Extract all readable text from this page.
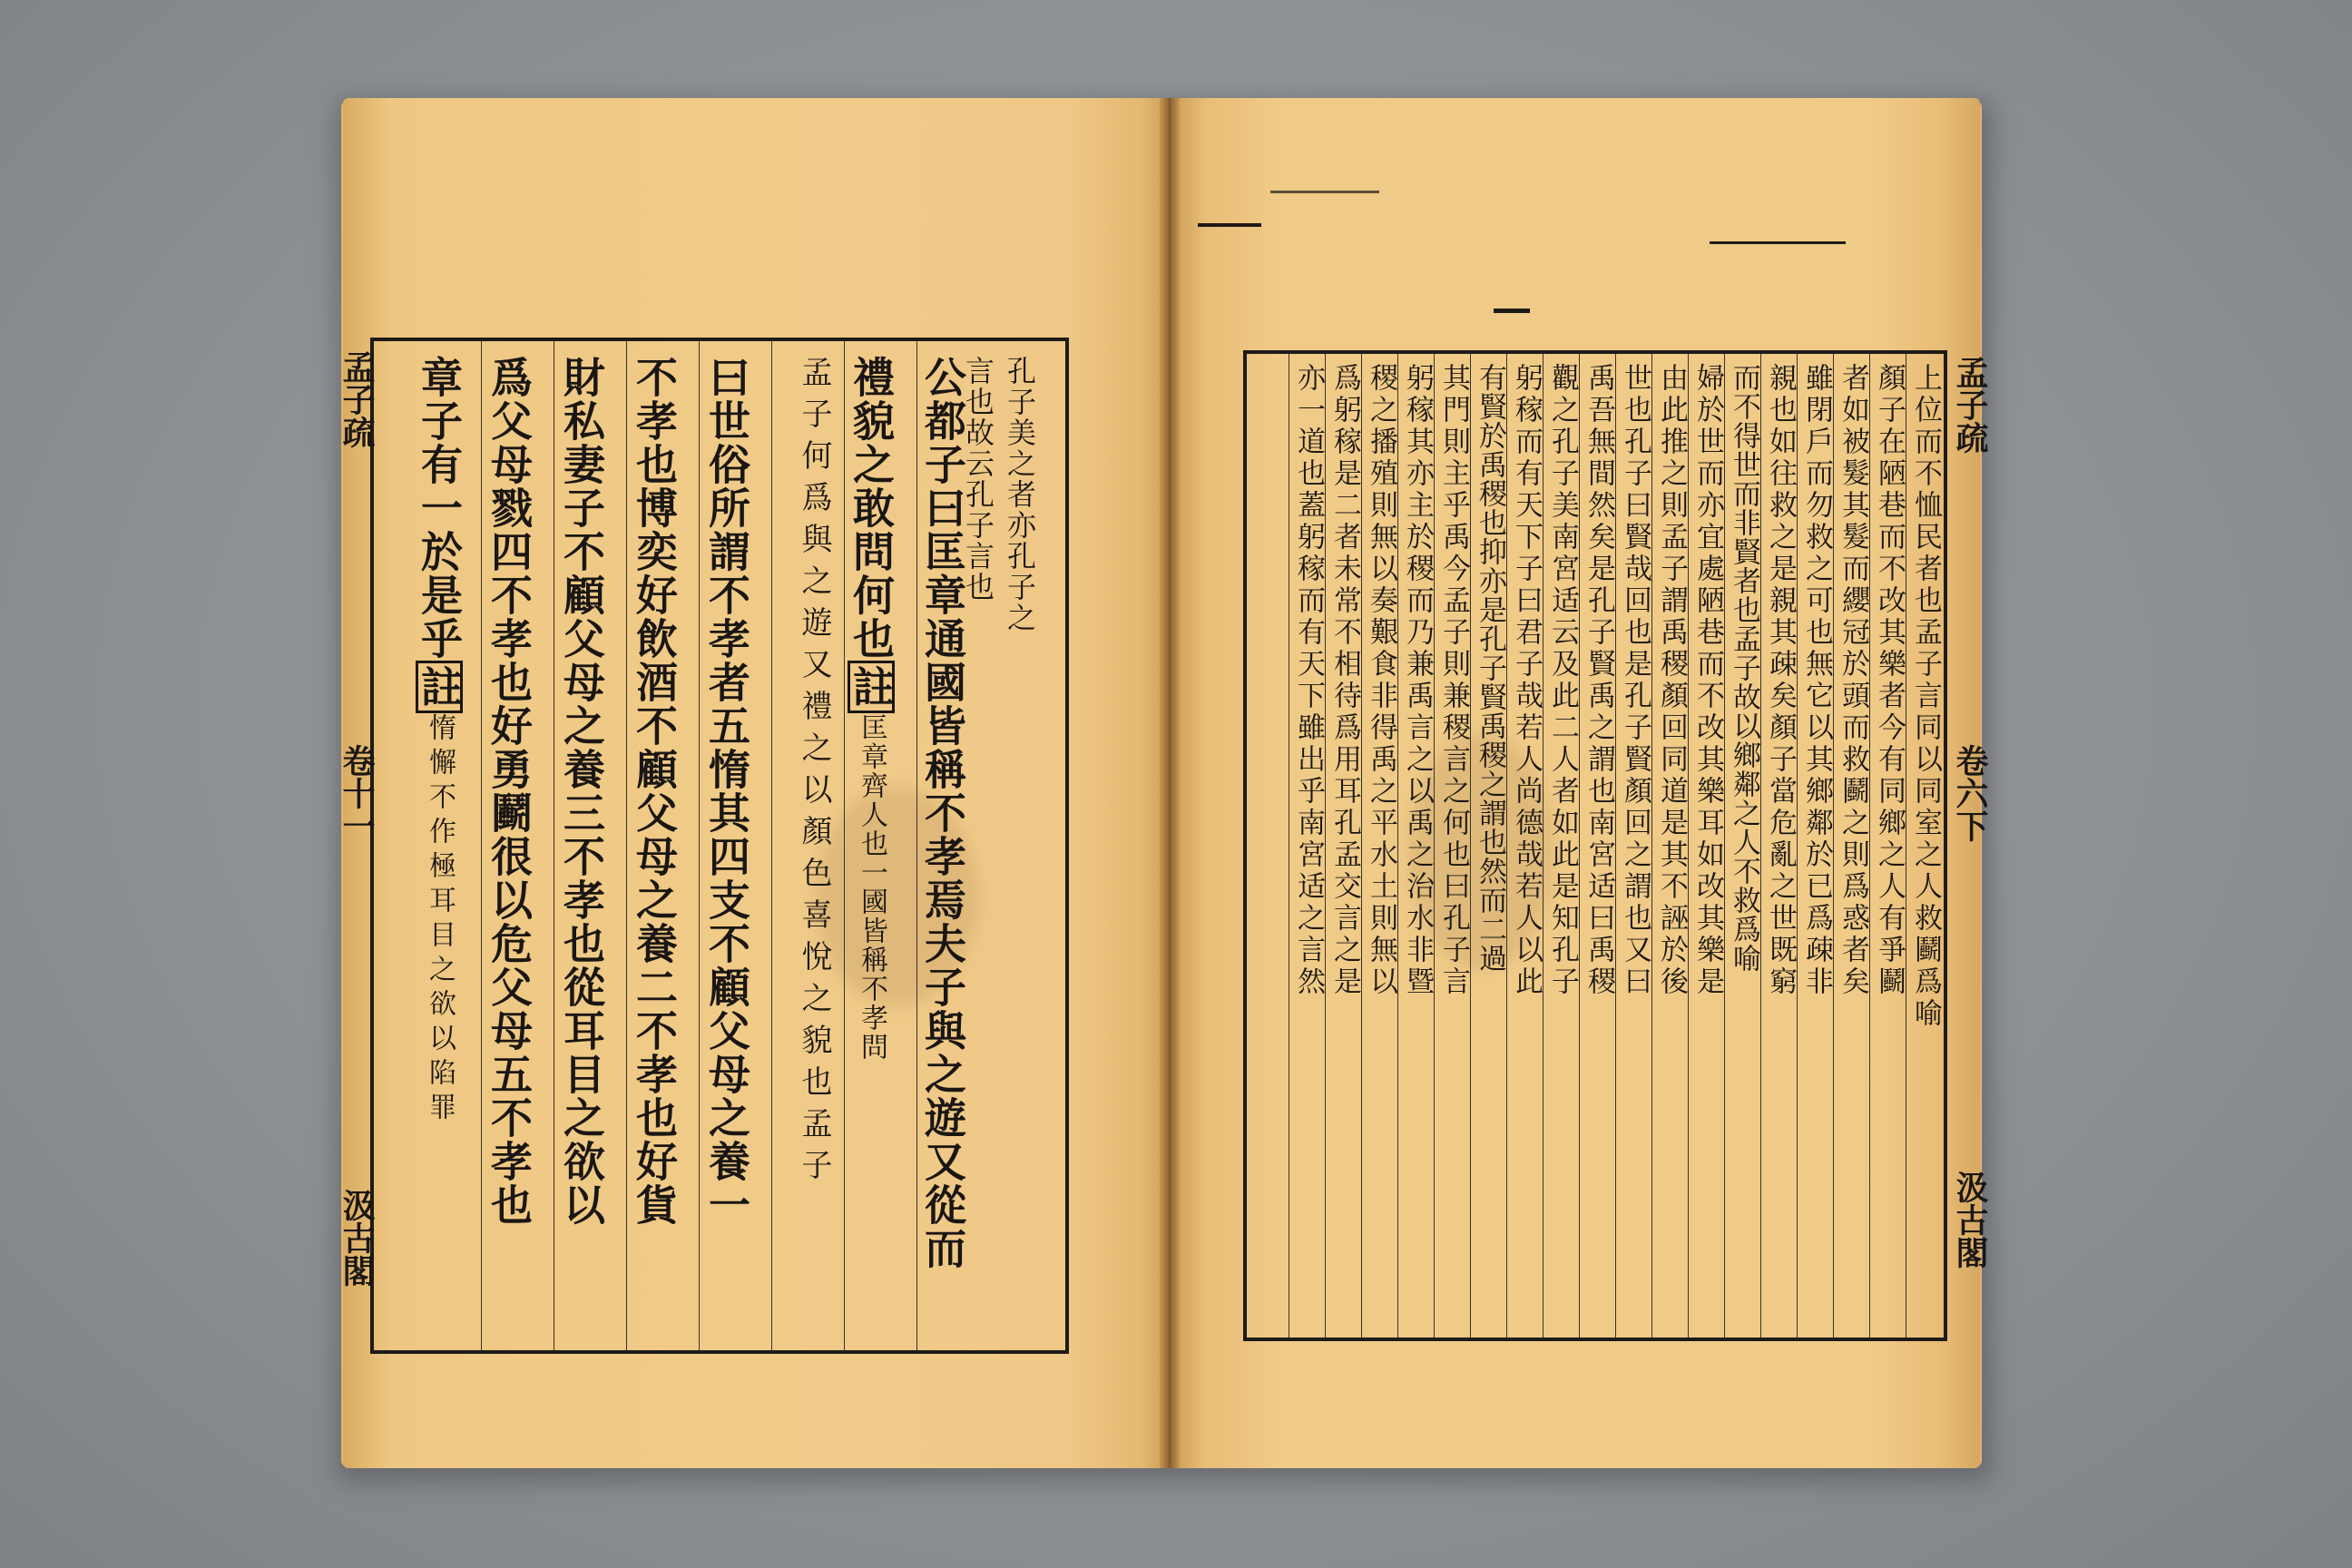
孟子疏
卷十一
汲古閣
孔子美之者亦孔子之
言也故云孔子言也
公都子曰匡章通國皆稱不孝焉夫子與之遊又從而
禮貌之敢問何也註匡章齊人也一國皆稱不孝問
孟子何爲與之遊又禮之以顏色喜悅之貌也孟子
曰世俗所謂不孝者五惰其四支不顧父母之養一
不孝也博奕好飲酒不顧父母之養二不孝也好貨
財私妻子不顧父母之養三不孝也從耳目之欲以
爲父母戮四不孝也好勇鬬很以危父母五不孝也
章子有一於是乎註惰懈不作極耳目之欲以陷罪
孟子疏
卷六下
汲古閣
上位而不恤民者也孟子言同以同室之人救鬬爲喻
顏子在陋巷而不改其樂者今有同鄉之人有爭鬬
者如被髮其髮而纓冠於頭而救鬬之則爲惑者矣
雖閉戶而勿救之可也無它以其鄉鄰於已爲疎非
親也如往救之是親其疎矣顏子當危亂之世既窮
而不得世而非賢者也孟子故以鄉鄰之人不救爲喻
婦於世而亦宜處陋巷而不改其樂耳如改其樂是
由此推之則孟子謂禹稷顏回同道是其不誣於後
世也孔子曰賢哉回也是孔子賢顏回之謂也又曰
禹吾無間然矣是孔子賢禹之謂也南宮适曰禹稷
觀之孔子美南宮适云及此二人者如此是知孔子
躬稼而有天下子曰君子哉若人尚德哉若人以此
有賢於禹稷也抑亦是孔子賢禹稷之謂也然而二過
其門則主乎禹今孟子則兼稷言之何也曰孔子言
躬稼其亦主於稷而乃兼禹言之以禹之治水非暨
稷之播殖則無以奏艱食非得禹之平水土則無以
爲躬稼是二者未常不相待爲用耳孔孟交言之是
亦一道也蓋躬稼而有天下雖出乎南宮适之言然
